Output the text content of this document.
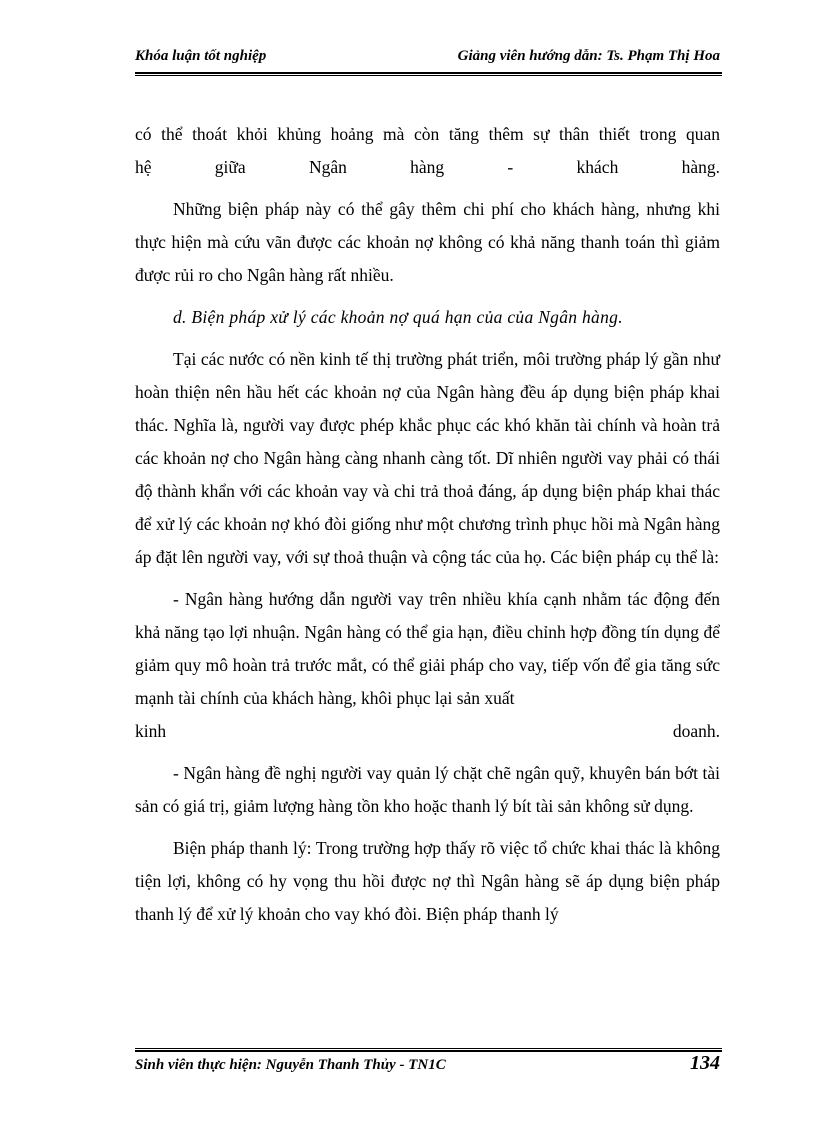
Khóa luận tốt nghiệp	Giảng viên hướng dẫn: Ts. Phạm Thị Hoa

có thể thoát khỏi khủng hoảng mà còn tăng thêm sự thân thiết trong quan

hệ giữa Ngân hàng - khách hàng.

Những biện pháp này có thể gây thêm chi phí cho khách hàng, nhưng khi thực hiện mà cứu vãn được các khoản nợ không có khả năng thanh toán thì giảm được rủi ro cho Ngân hàng rất nhiều.

d. Biện pháp xử lý các khoản nợ quá hạn của của Ngân hàng.

Tại các nước có nền kinh tế thị trường phát triển, môi trường pháp lý gần như hoàn thiện nên hầu hết các khoản nợ của Ngân hàng đều áp dụng biện pháp khai thác. Nghĩa là, người vay được phép khắc phục các khó khăn tài chính và hoàn trả các khoản nợ cho Ngân hàng càng nhanh càng tốt. Dĩ nhiên người vay phải có thái độ thành khẩn với các khoản vay và chi trả thoả đáng, áp dụng biện pháp khai thác để xử lý các khoản nợ khó đòi giống như một chương trình phục hồi mà Ngân hàng áp đặt lên người vay, với sự thoả thuận và cộng tác của họ. Các biện pháp cụ thể là:

- Ngân hàng hướng dẫn người vay trên nhiều khía cạnh nhằm tác động đến khả năng tạo lợi nhuận. Ngân hàng có thể gia hạn, điều chỉnh hợp đồng tín dụng để giảm quy mô hoàn trả trước mắt, có thể giải pháp cho vay, tiếp vốn để gia tăng sức mạnh tài chính của khách hàng, khôi phục lại sản xuất

kinh doanh.

- Ngân hàng đề nghị người vay quản lý chặt chẽ ngân quỹ, khuyên bán bớt tài sản có giá trị, giảm lượng hàng tồn kho hoặc thanh lý bít tài sản không sử dụng.

Biện pháp thanh lý: Trong trường hợp thấy rõ việc tổ chức khai thác là không tiện lợi, không có hy vọng thu hồi được nợ thì Ngân hàng sẽ áp dụng biện pháp thanh lý để xử lý khoản cho vay khó đòi. Biện pháp thanh lý

Sinh viên thực hiện: Nguyễn Thanh Thủy - TN1C	134
